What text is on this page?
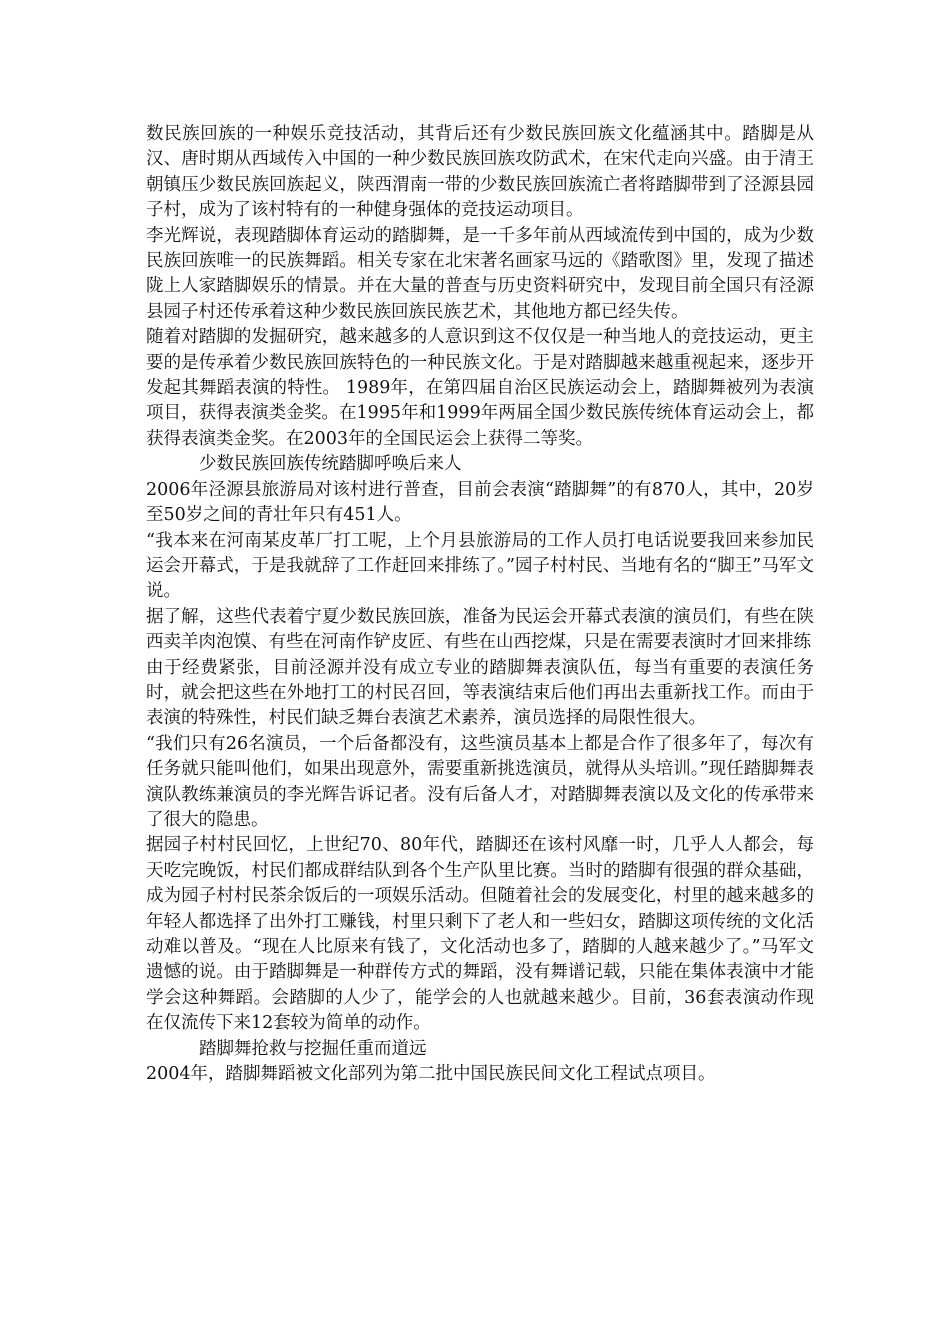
数民族回族的一种娱乐竞技活动，其背后还有少数民族回族文化蕴涵其中。踏脚是从汉、唐时期从西域传入中国的一种少数民族回族攻防武术，在宋代走向兴盛。由于清王朝镇压少数民族回族起义，陕西渭南一带的少数民族回族流亡者将踏脚带到了泾源县园子村，成为了该村特有的一种健身强体的竞技运动项目。

李光辉说，表现踏脚体育运动的踏脚舞，是一千多年前从西域流传到中国的，成为少数民族回族唯一的民族舞蹈。相关专家在北宋著名画家马远的《踏歌图》里，发现了描述陇上人家踏脚娱乐的情景。并在大量的普查与历史资料研究中，发现目前全国只有泾源县园子村还传承着这种少数民族回族民族艺术，其他地方都已经失传。

随着对踏脚的发掘研究，越来越多的人意识到这不仅仅是一种当地人的竞技运动，更主要的是传承着少数民族回族特色的一种民族文化。于是对踏脚越来越重视起来，逐步开发起其舞蹈表演的特性。 1989年，在第四届自治区民族运动会上，踏脚舞被列为表演项目，获得表演类金奖。在1995年和1999年两届全国少数民族传统体育运动会上，都获得表演类金奖。在2003年的全国民运会上获得二等奖。

少数民族回族传统踏脚呼唤后来人

2006年泾源县旅游局对该村进行普查，目前会表演“踏脚舞”的有870人，其中，20岁至50岁之间的青壮年只有451人。

“我本来在河南某皮革厂打工呢，上个月县旅游局的工作人员打电话说要我回来参加民运会开幕式，于是我就辞了工作赶回来排练了。”园子村村民、当地有名的“脚王”马军文说。

据了解，这些代表着宁夏少数民族回族，准备为民运会开幕式表演的演员们，有些在陕西卖羊肉泡馍、有些在河南作铲皮匠、有些在山西挖煤，只是在需要表演时才回来排练

由于经费紧张，目前泾源并没有成立专业的踏脚舞表演队伍，每当有重要的表演任务时，就会把这些在外地打工的村民召回，等表演结束后他们再出去重新找工作。而由于表演的特殊性，村民们缺乏舞台表演艺术素养，演员选择的局限性很大。

“我们只有26名演员，一个后备都没有，这些演员基本上都是合作了很多年了，每次有任务就只能叫他们，如果出现意外，需要重新挑选演员，就得从头培训。”现任踏脚舞表演队教练兼演员的李光辉告诉记者。没有后备人才，对踏脚舞表演以及文化的传承带来了很大的隐患。

据园子村村民回忆，上世纪70、80年代，踏脚还在该村风靡一时，几乎人人都会，每天吃完晚饭，村民们都成群结队到各个生产队里比赛。当时的踏脚有很强的群众基础，成为园子村村民茶余饭后的一项娱乐活动。但随着社会的发展变化，村里的越来越多的年轻人都选择了出外打工赚钱，村里只剩下了老人和一些妇女，踏脚这项传统的文化活动难以普及。“现在人比原来有钱了，文化活动也多了，踏脚的人越来越少了。”马军文遗憾的说。由于踏脚舞是一种群传方式的舞蹈，没有舞谱记载，只能在集体表演中才能学会这种舞蹈。会踏脚的人少了，能学会的人也就越来越少。目前，36套表演动作现在仅流传下来12套较为简单的动作。

踏脚舞抢救与挖掘任重而道远

2004年，踏脚舞蹈被文化部列为第二批中国民族民间文化工程试点项目。
